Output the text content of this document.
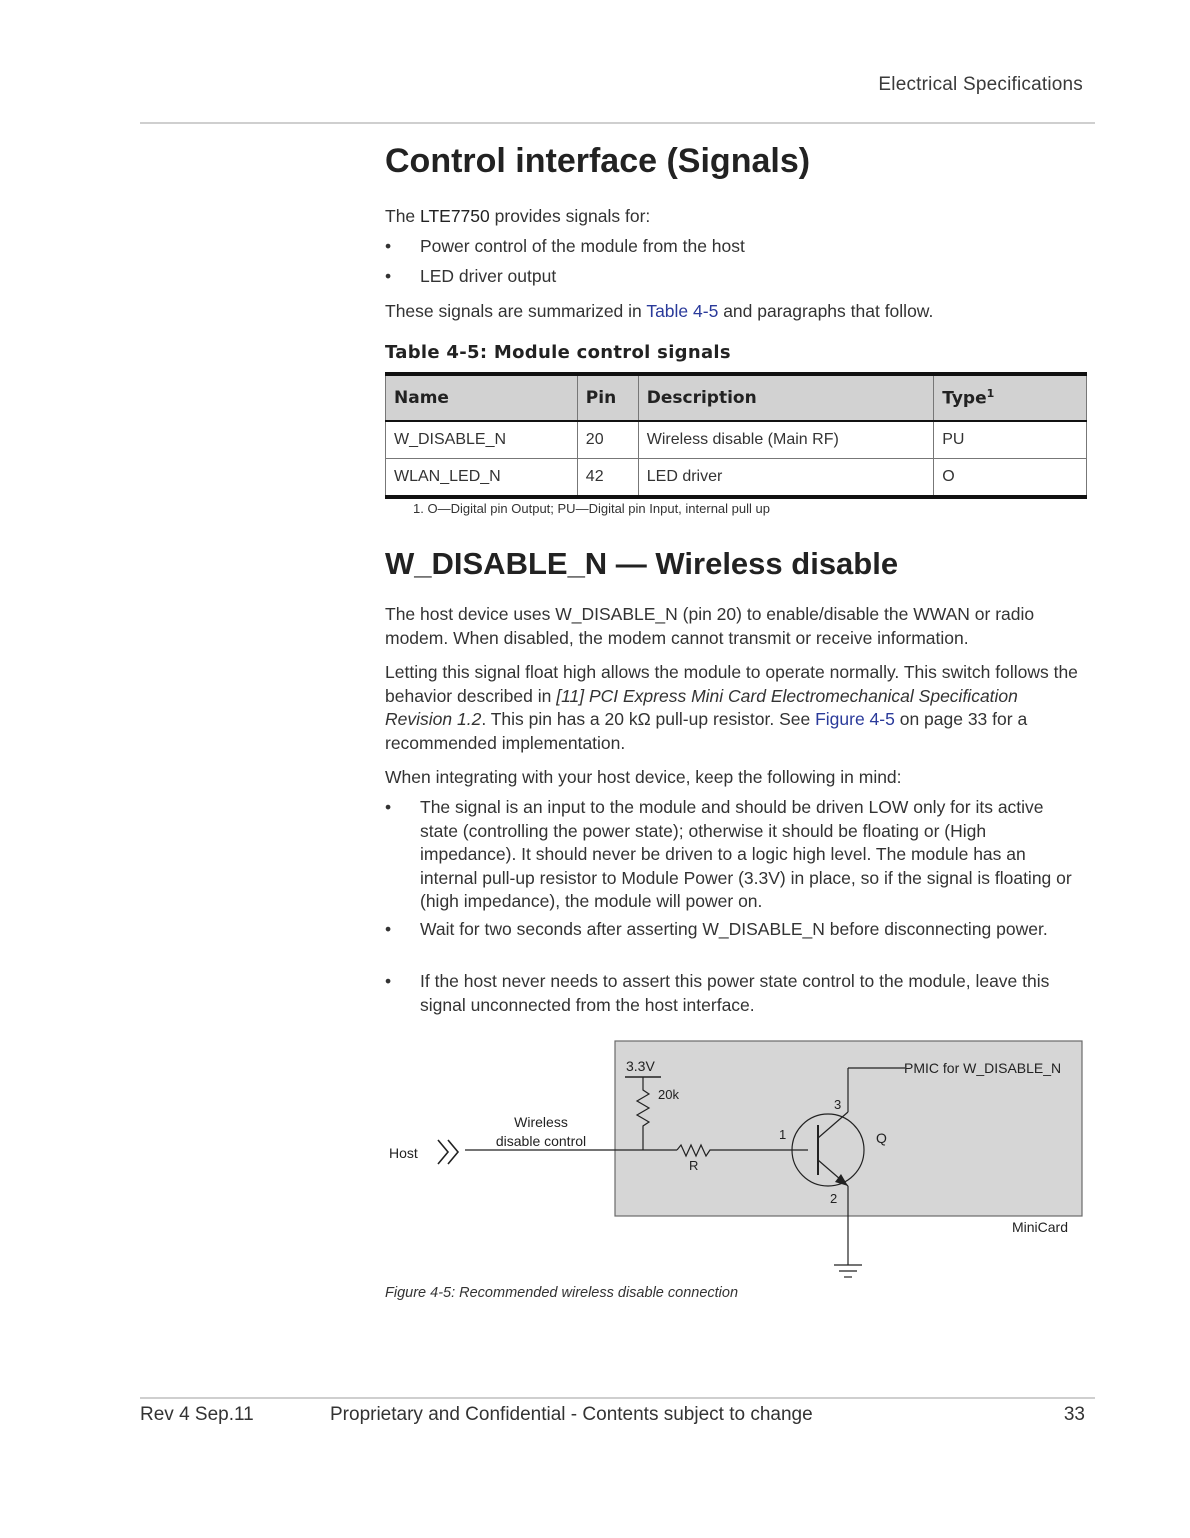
Electrical Specifications
Control interface (Signals)

The LTE7750 provides signals for:

• Power control of the module from the host
• LED driver output

These signals are summarized in Table 4-5 and paragraphs that follow.

Table 4-5: Module control signals
Name	Pin	Description	Type$^1$
W_DISABLE_N	20	Wireless disable (Main RF)	PU
WLAN_LED_N	42	LED driver	O
1. O—Digital pin Output; PU—Digital pin Input, internal pull up
W_DISABLE_N — Wireless disable

The host device uses W_DISABLE_N (pin 20) to enable/disable the WWAN or radio modem. When disabled, the modem cannot transmit or receive information.

Letting this signal float high allows the module to operate normally. This switch follows the behavior described in [11] PCI Express Mini Card Electromechanical Specification Revision 1.2. This pin has a 20 kΩ pull-up resistor. See Figure 4-5 on page 33 for a recommended implementation.

When integrating with your host device, keep the following in mind:

• The signal is an input to the module and should be driven LOW only for its active state (controlling the power state); otherwise it should be floating or (High impedance). It should never be driven to a logic high level. The module has an internal pull-up resistor to Module Power (3.3V) in place, so if the signal is floating or (high impedance), the module will power on.
• Wait for two seconds after asserting W_DISABLE_N before disconnecting power.
• If the host never needs to assert this power state control to the module, leave this signal unconnected from the host interface.
3.3V
20k
R
PMIC for W_DISABLE_N
3
1
2
Q
Wireless
disable control
Host
MiniCard
Figure 4-5: Recommended wireless disable connection
Rev 4 Sep.11	Proprietary and Confidential - Contents subject to change	33
